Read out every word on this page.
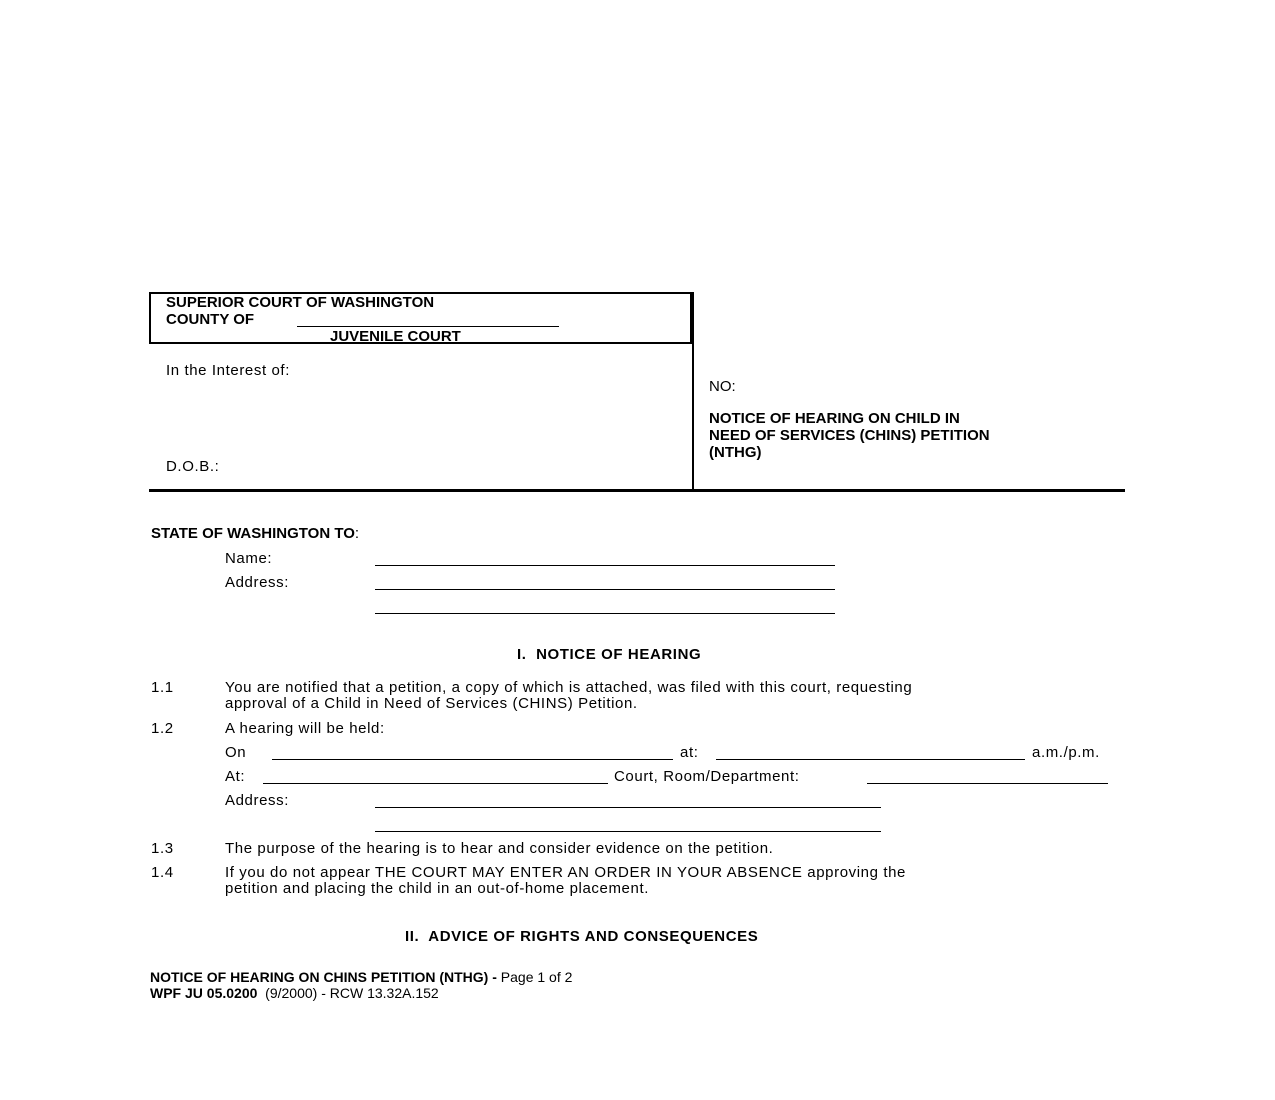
SUPERIOR COURT OF WASHINGTON
COUNTY OF
JUVENILE COURT
In the Interest of:
D.O.B.:
NO:
NOTICE OF HEARING ON CHILD IN
NEED OF SERVICES (CHINS) PETITION
(NTHG)
STATE OF WASHINGTON TO:
Name:
Address:
I.  NOTICE OF HEARING
1.1	You are notified that a petition, a copy of which is attached, was filed with this court, requesting
approval of a Child in Need of Services (CHINS) Petition.
1.2	A hearing will be held:
On	at:	a.m./p.m.
At:	Court, Room/Department:
Address:
1.3	The purpose of the hearing is to hear and consider evidence on the petition.
1.4	If you do not appear THE COURT MAY ENTER AN ORDER IN YOUR ABSENCE approving the
petition and placing the child in an out-of-home placement.
II.  ADVICE OF RIGHTS AND CONSEQUENCES
NOTICE OF HEARING ON CHINS PETITION (NTHG) - Page 1 of 2
WPF JU 05.0200  (9/2000) - RCW 13.32A.152
